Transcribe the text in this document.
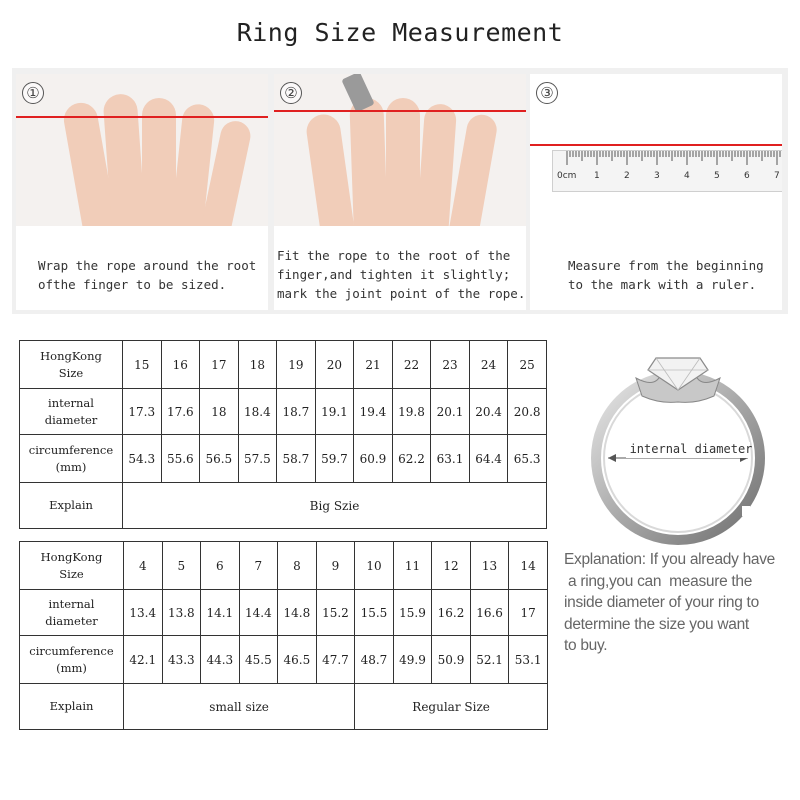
Ring Size Measurement
①

Wrap the rope around the root

ofthe finger to be sized.

②

Fit the rope to the root of the

finger,and tighten it slightly;

mark the joint point of the rope.

0cm 1	2	3	4	5	6	7
③

Measure from the beginning

to the mark with a ruler.

HongKong
Size	15	16	17	18	19	20	21	22	23	24	25

internal
diameter	17.3	17.6	18	18.4	18.7	19.1	19.4	19.8	20.1	20.4	20.8

circumference
(mm)	54.3	55.6	56.5	57.5	58.7	59.7	60.9	62.2	63.1	64.4	65.3
Explain	Big Szie										
HongKong
Size	4	5	6	7	8	9	10	11	12	13	14

internal
diameter	13.4	13.8	14.1	14.4	14.8	15.2	15.5	15.9	16.2	16.6	17

circumference
(mm)	42.1	43.3	44.3	45.5	46.5	47.7	48.7	49.9	50.9	52.1	53.1
Explain	small size						Regular Size				
internal diameter
Explanation: If you already have
a ring,you can  measure the
inside diameter of your ring to
determine the size you want
to buy.
